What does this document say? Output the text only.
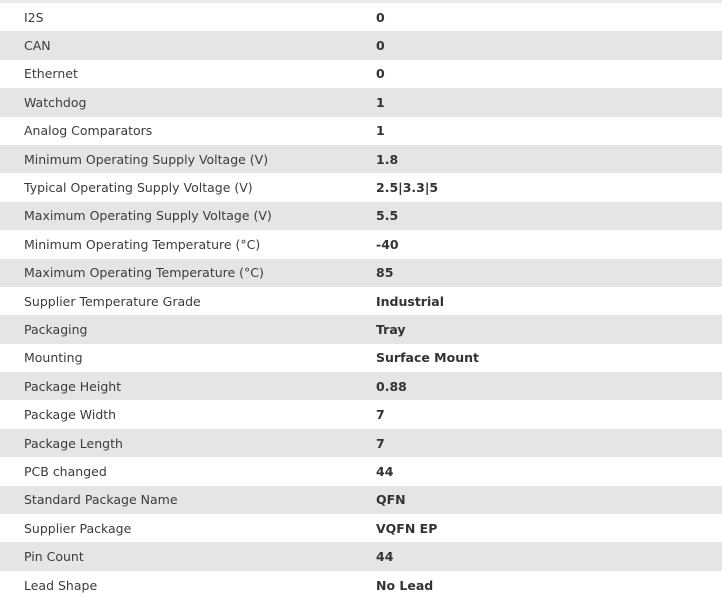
I2S	0
CAN	0
Ethernet	0
Watchdog	1
Analog Comparators	1
Minimum Operating Supply Voltage (V)	1.8
Typical Operating Supply Voltage (V)	2.5|3.3|5
Maximum Operating Supply Voltage (V)	5.5
Minimum Operating Temperature (°C)	-40
Maximum Operating Temperature (°C)	85
Supplier Temperature Grade	Industrial
Packaging	Tray
Mounting	Surface Mount
Package Height	0.88
Package Width	7
Package Length	7
PCB changed	44
Standard Package Name	QFN
Supplier Package	VQFN EP
Pin Count	44
Lead Shape	No Lead
